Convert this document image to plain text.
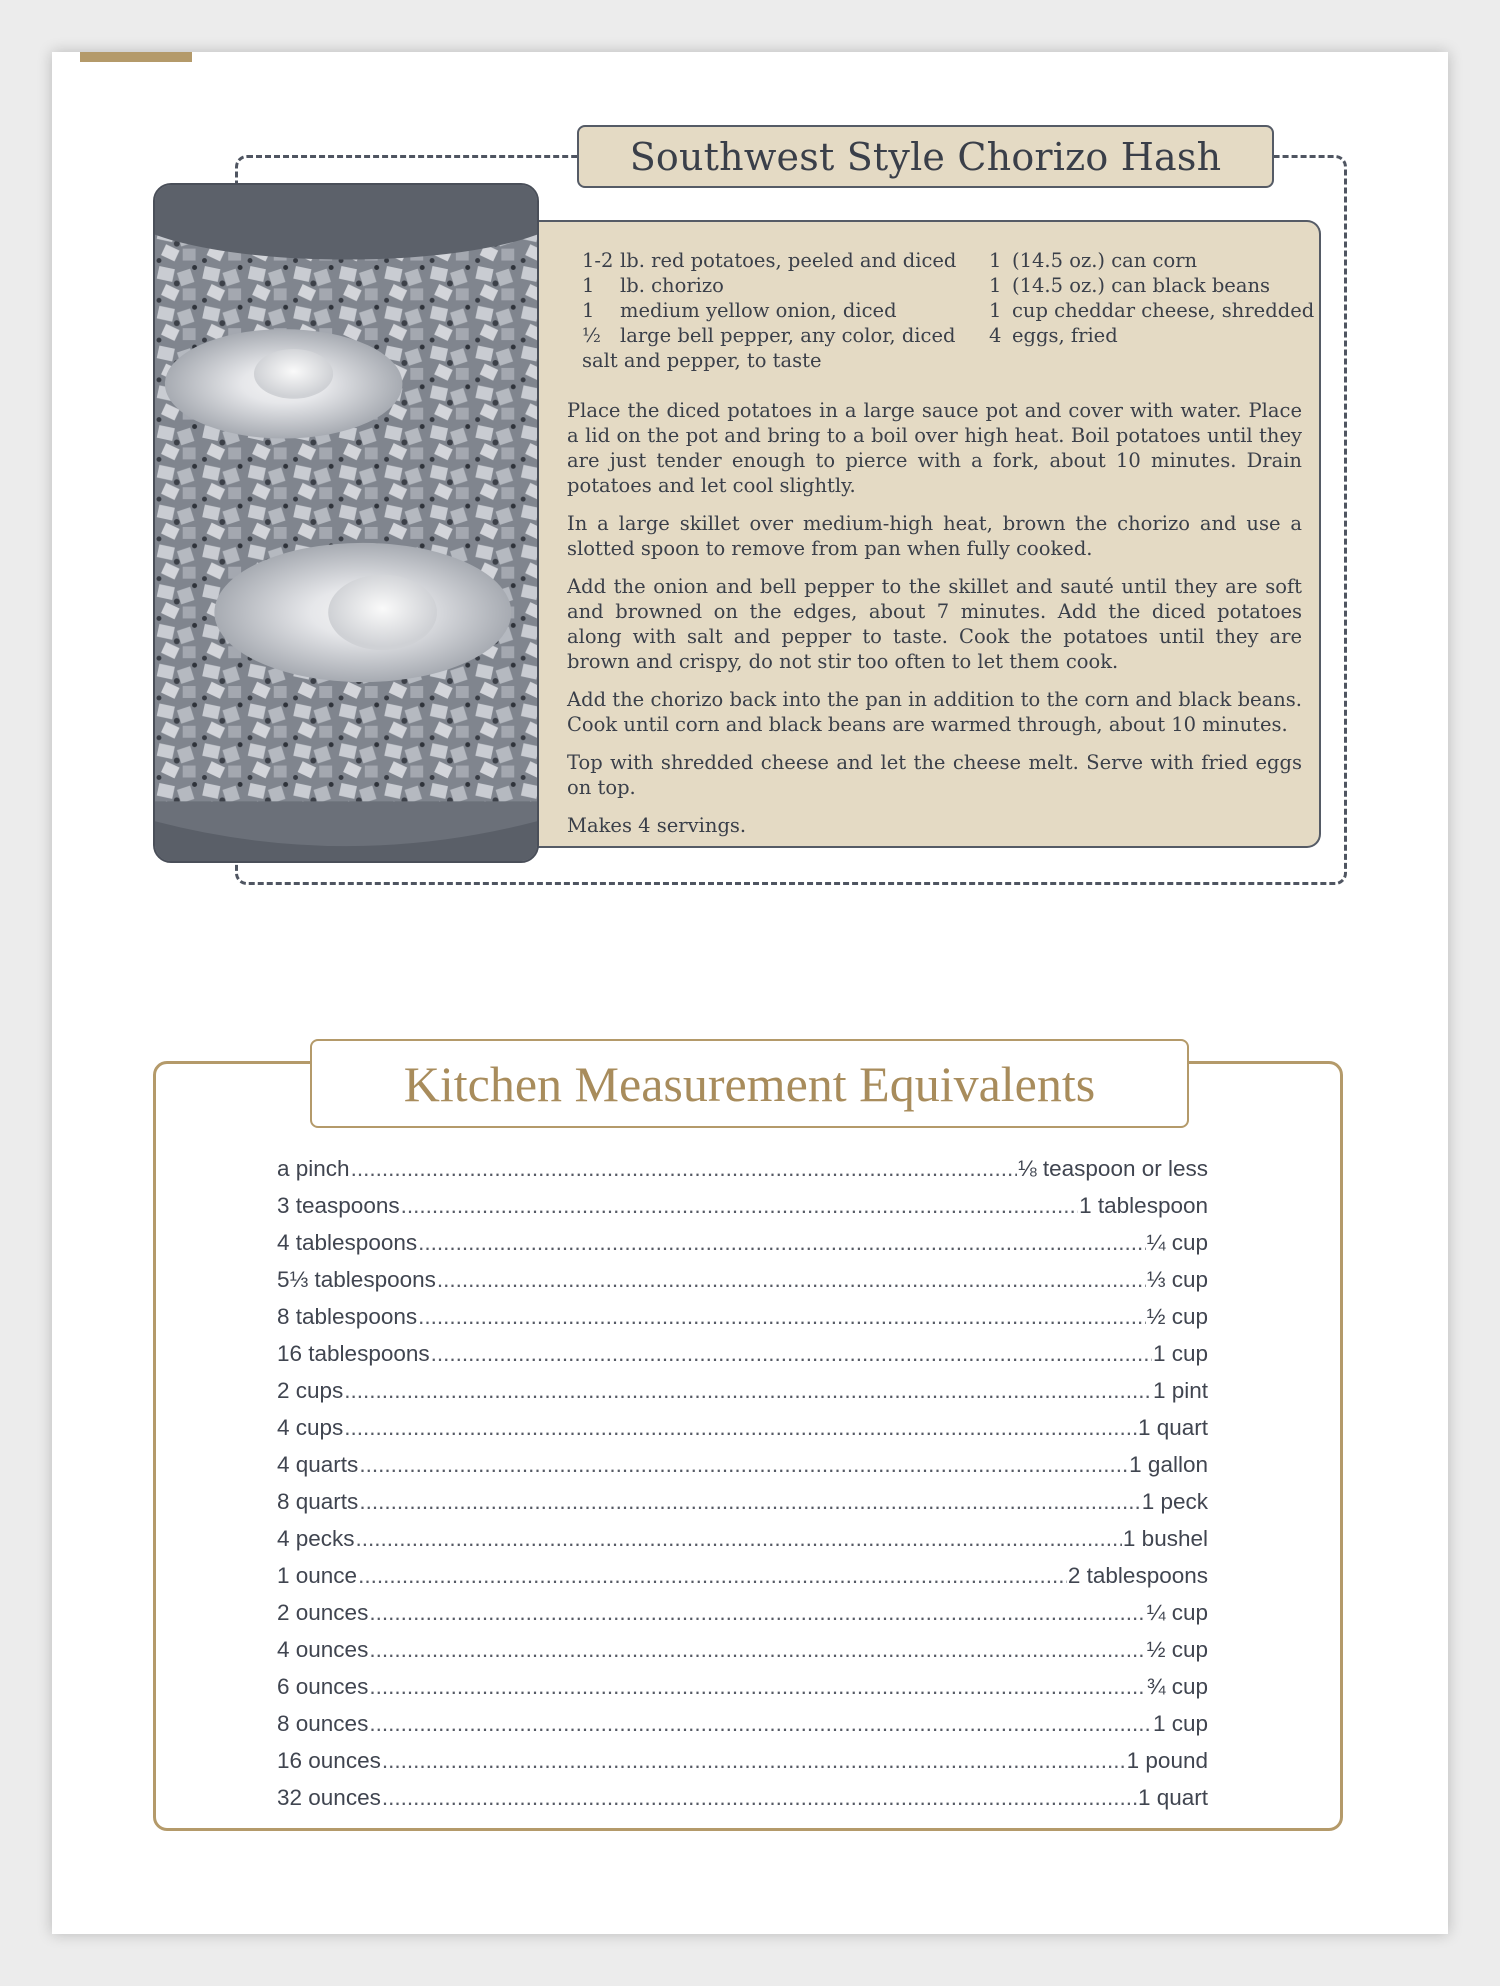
Southwest Style Chorizo Hash
1-2 lb. red potatoes, peeled and diced
1 lb. chorizo
1 medium yellow onion, diced
½ large bell pepper, any color, diced
salt and pepper, to taste
1 (14.5 oz.) can corn
1 (14.5 oz.) can black beans
1 cup cheddar cheese, shredded
4 eggs, fried

Place the diced potatoes in a large sauce pot and cover with water. Place a lid on the pot and bring to a boil over high heat. Boil potatoes until they are just tender enough to pierce with a fork, about 10 minutes. Drain potatoes and let cool slightly.

In a large skillet over medium-high heat, brown the chorizo and use a slotted spoon to remove from pan when fully cooked.

Add the onion and bell pepper to the skillet and sauté until they are soft and browned on the edges, about 7 minutes. Add the diced potatoes along with salt and pepper to taste. Cook the potatoes until they are brown and crispy, do not stir too often to let them cook.

Add the chorizo back into the pan in addition to the corn and black beans. Cook until corn and black beans are warmed through, about 10 minutes.

Top with shredded cheese and let the cheese melt. Serve with fried eggs on top.

Makes 4 servings.

Kitchen Measurement Equivalents
a pinch .....	⅛ teaspoon or less
3 teaspoons .....	1 tablespoon
4 tablespoons .....	¼ cup
5⅓ tablespoons .....	⅓ cup
8 tablespoons .....	½ cup
16 tablespoons .....	1 cup
2 cups .....	1 pint
4 cups .....	1 quart
4 quarts .....	1 gallon
8 quarts .....	1 peck
4 pecks .....	1 bushel
1 ounce .....	2 tablespoons
2 ounces .....	¼ cup
4 ounces .....	½ cup
6 ounces .....	¾ cup
8 ounces .....	1 cup
16 ounces .....	1 pound
32 ounces .....	1 quart
